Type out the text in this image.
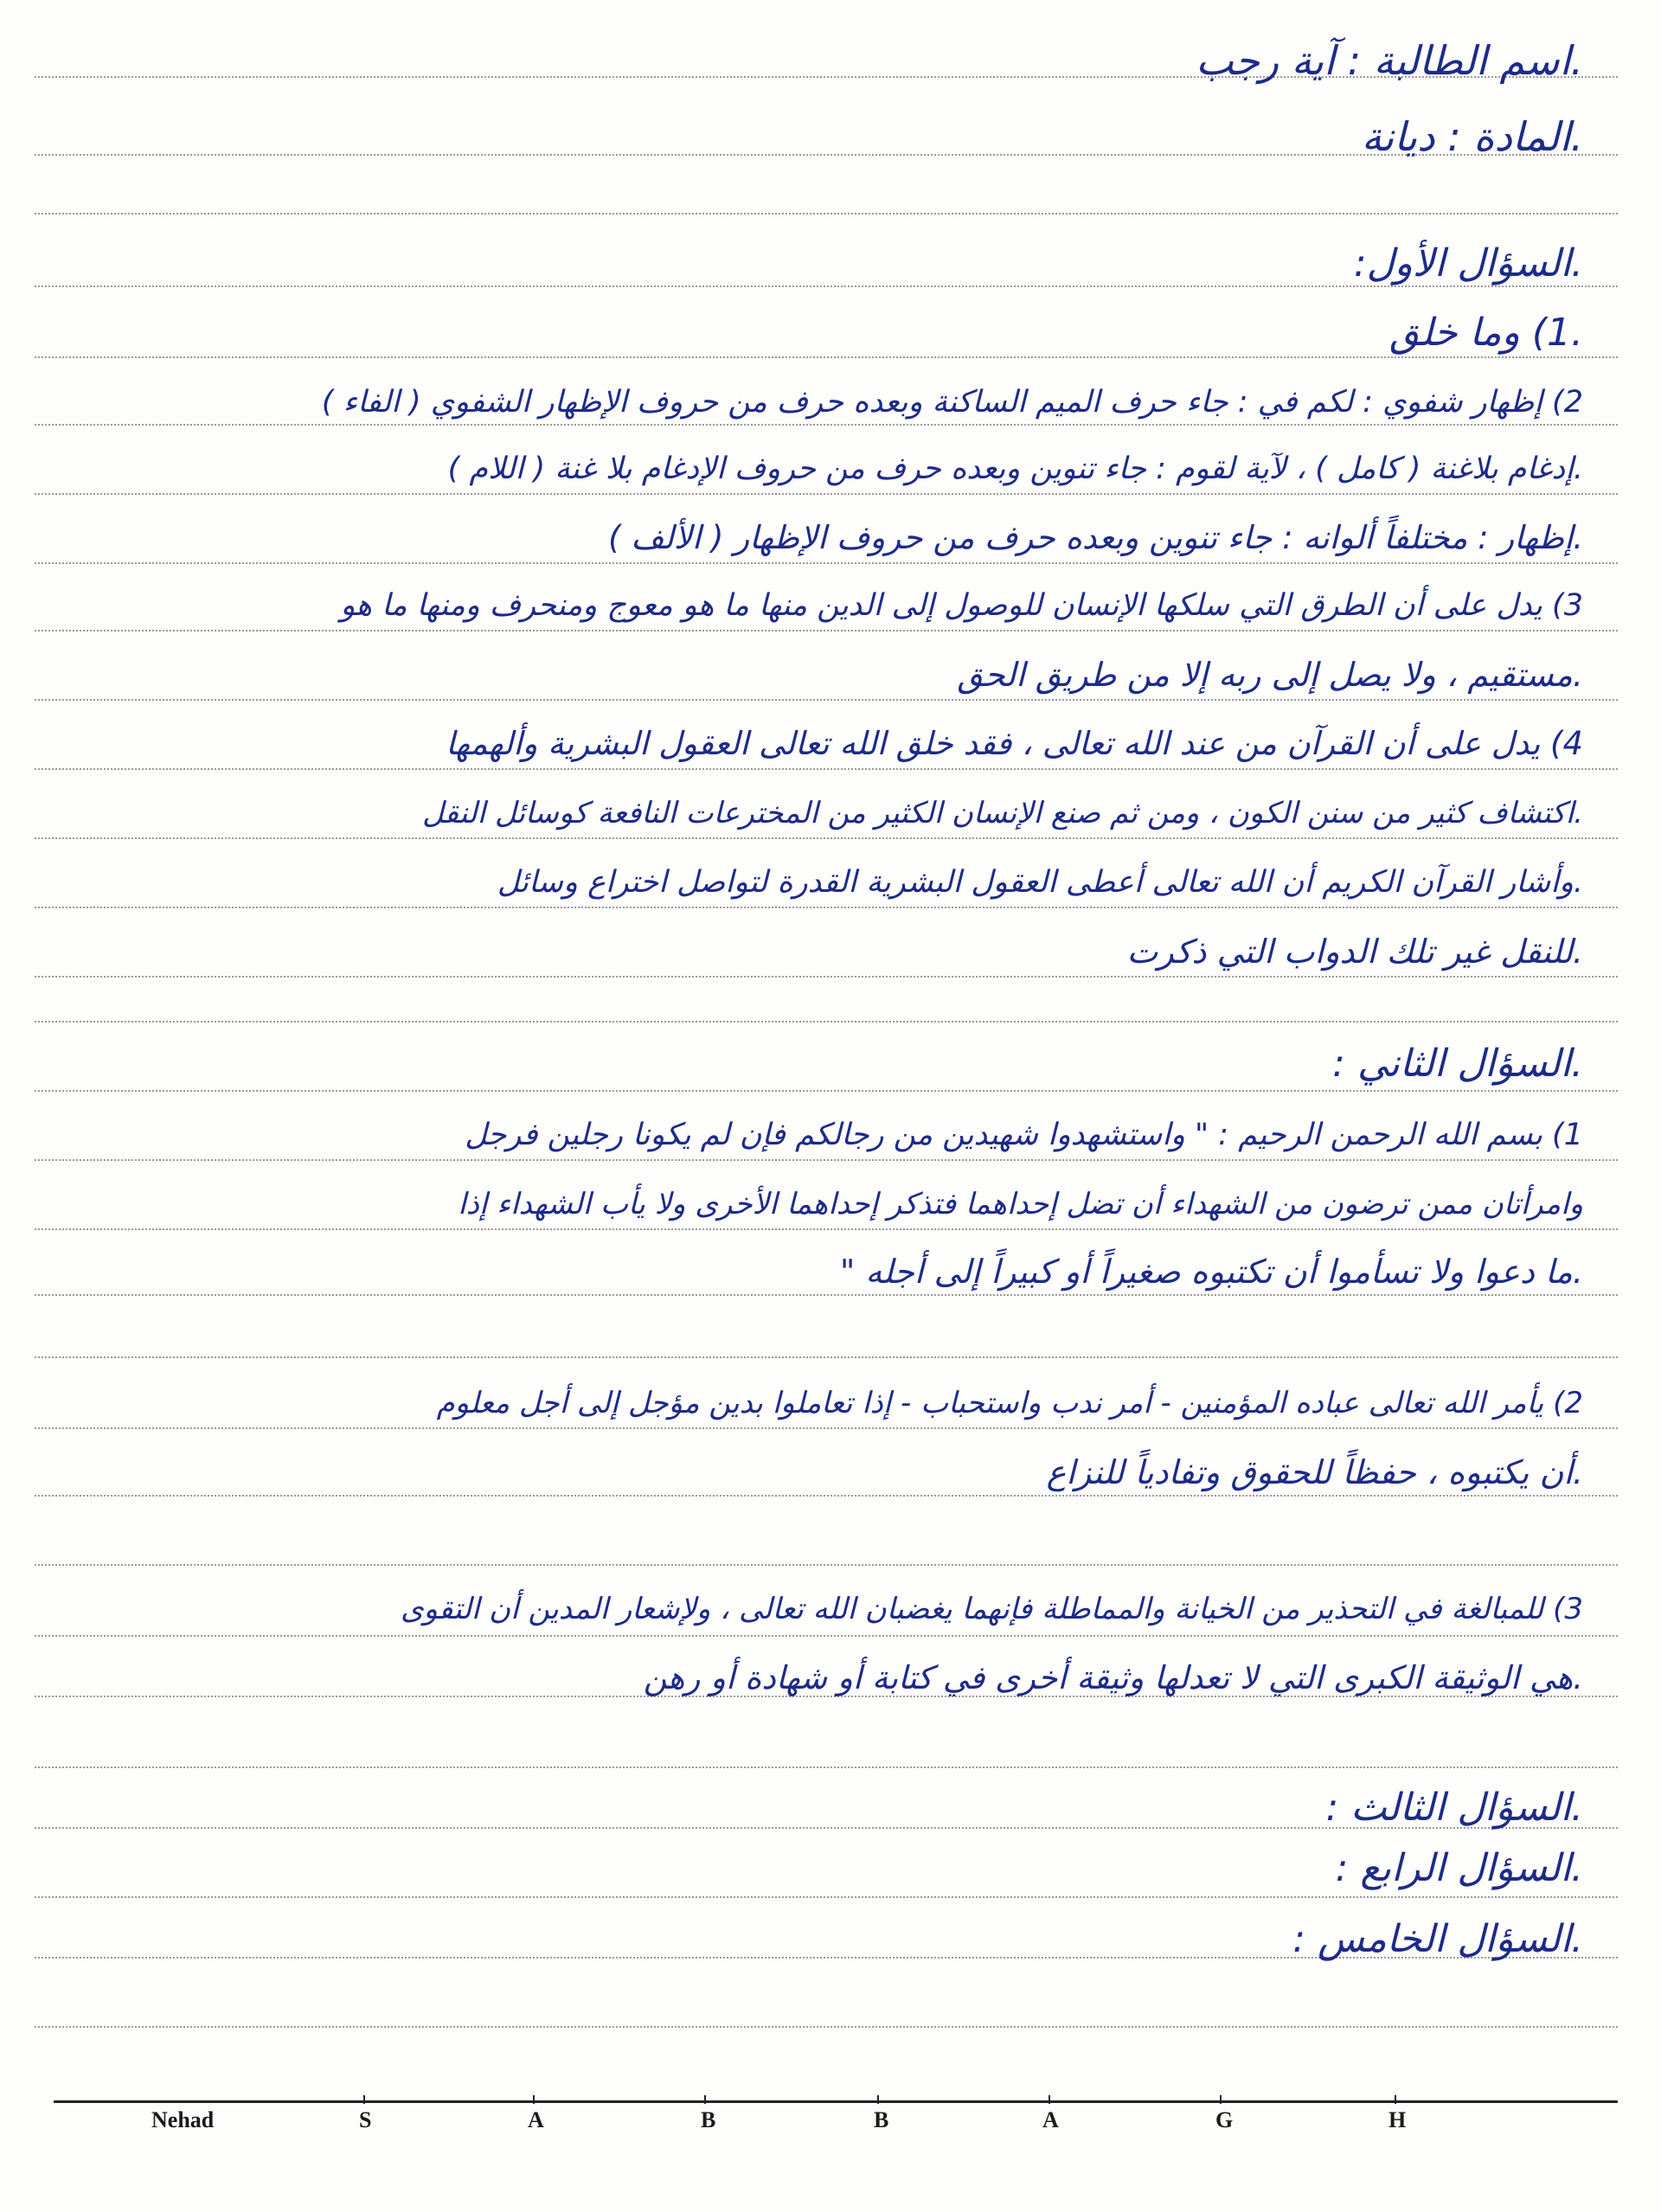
.اسم الطالبة : آية رجب
.المادة : ديانة
.السؤال الأول:
.1) وما خلق
2) إظهار شفوي : لكم في : جاء حرف الميم الساكنة وبعده حرف من حروف الإظهار الشفوي ( الفاء )
.إدغام بلاغنة ( كامل ) ، لآية لقوم : جاء تنوين وبعده حرف من حروف الإدغام بلا غنة ( اللام )
.إظهار : مختلفاً ألوانه : جاء تنوين وبعده حرف من حروف الإظهار ( الألف )
3) يدل على أن الطرق التي سلكها الإنسان للوصول إلى الدين منها ما هو معوج ومنحرف ومنها ما هو
.مستقيم ، ولا يصل إلى ربه إلا من طريق الحق
4) يدل على أن القرآن من عند الله تعالى ، فقد خلق الله تعالى العقول البشرية وألهمها
.اكتشاف كثير من سنن الكون ، ومن ثم صنع الإنسان الكثير من المخترعات النافعة كوسائل النقل
.وأشار القرآن الكريم أن الله تعالى أعطى العقول البشرية القدرة لتواصل اختراع وسائل
.للنقل غير تلك الدواب التي ذكرت
.السؤال الثاني :
1) بسم الله الرحمن الرحيم : " واستشهدوا شهيدين من رجالكم فإن لم يكونا رجلين فرجل
وامرأتان ممن ترضون من الشهداء أن تضل إحداهما فتذكر إحداهما الأخرى ولا يأب الشهداء إذا
.ما دعوا ولا تسأموا أن تكتبوه صغيراً أو كبيراً إلى أجله "
2) يأمر الله تعالى عباده المؤمنين - أمر ندب واستحباب - إذا تعاملوا بدين مؤجل إلى أجل معلوم
.أن يكتبوه ، حفظاً للحقوق وتفادياً للنزاع
3) للمبالغة في التحذير من الخيانة والمماطلة فإنهما يغضبان الله تعالى ، ولإشعار المدين أن التقوى
.هي الوثيقة الكبرى التي لا تعدلها وثيقة أخرى في كتابة أو شهادة أو رهن
.السؤال الثالث :
.السؤال الرابع :
.السؤال الخامس :
Nehad	S	A	B	B	A	G	H
